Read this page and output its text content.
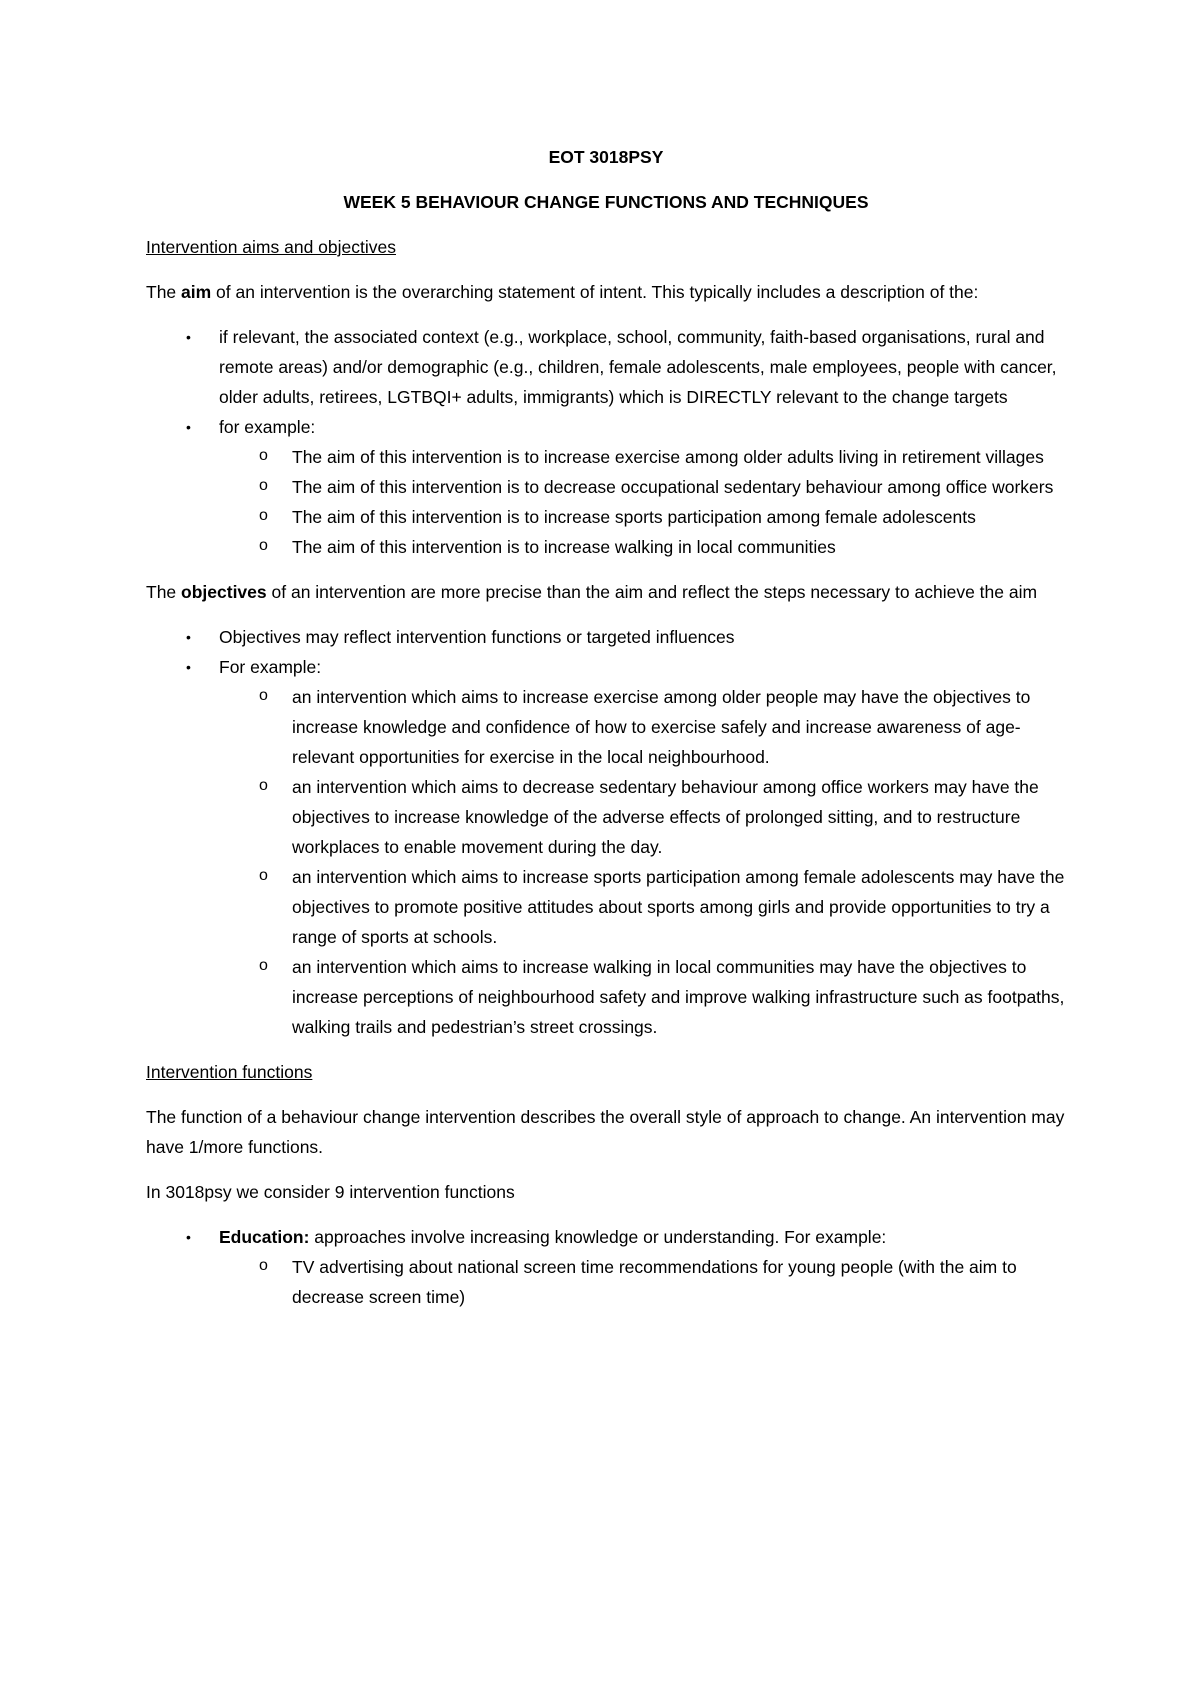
EOT 3018PSY
WEEK 5 BEHAVIOUR CHANGE FUNCTIONS AND TECHNIQUES
Intervention aims and objectives

The aim of an intervention is the overarching statement of intent. This typically includes a description of the:

• if relevant, the associated context (e.g., workplace, school, community, faith-based organisations, rural and remote areas) and/or demographic (e.g., children, female adolescents, male employees, people with cancer, older adults, retirees, LGTBQI+ adults, immigrants) which is DIRECTLY relevant to the change targets
• for example:
o The aim of this intervention is to increase exercise among older adults living in retirement villages
o The aim of this intervention is to decrease occupational sedentary behaviour among office workers
o The aim of this intervention is to increase sports participation among female adolescents
o The aim of this intervention is to increase walking in local communities

The objectives of an intervention are more precise than the aim and reflect the steps necessary to achieve the aim

• Objectives may reflect intervention functions or targeted influences
• For example:
o an intervention which aims to increase exercise among older people may have the objectives to increase knowledge and confidence of how to exercise safely and increase awareness of age-relevant opportunities for exercise in the local neighbourhood.
o an intervention which aims to decrease sedentary behaviour among office workers may have the objectives to increase knowledge of the adverse effects of prolonged sitting, and to restructure workplaces to enable movement during the day.
o an intervention which aims to increase sports participation among female adolescents may have the objectives to promote positive attitudes about sports among girls and provide opportunities to try a range of sports at schools.
o an intervention which aims to increase walking in local communities may have the objectives to increase perceptions of neighbourhood safety and improve walking infrastructure such as footpaths, walking trails and pedestrian’s street crossings.
Intervention functions

The function of a behaviour change intervention describes the overall style of approach to change. An intervention may have 1/more functions.

In 3018psy we consider 9 intervention functions

• Education: approaches involve increasing knowledge or understanding. For example:
o TV advertising about national screen time recommendations for young people (with the aim to decrease screen time)
